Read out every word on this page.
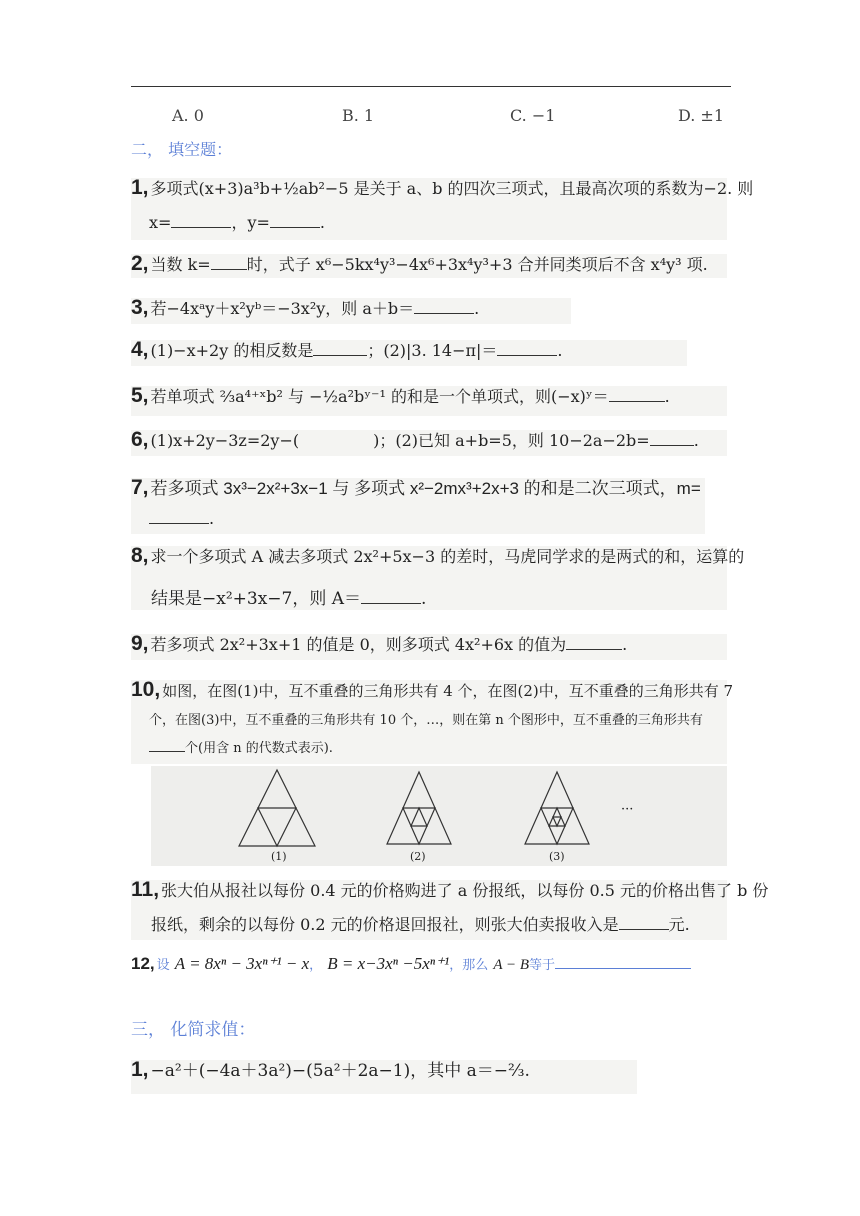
A. 0	B. 1	C. −1	D. ±1
二， 填空题：
1, 多项式(x+3)a³b+½ab²−5 是关于 a、b 的四次三项式，且最高次项的系数为−2. 则
x=	，y=	.
2, 当数 k= 时，式子 x⁶−5kx⁴y³−4x⁶+3x⁴y³+3 合并同类项后不含 x⁴y³ 项.
3, 若−4xᵃy＋x²yᵇ＝−3x²y，则 a＋b＝	.
4, (1)−x+2y 的相反数是	；(2)|3. 14−π|＝	.
5, 若单项式 ⅔a⁴⁺ˣb² 与 −½a²bʸ⁻¹ 的和是一个单项式，则(−x)ʸ＝	.
6, (1)x+2y−3z=2y−(	)；(2)已知 a+b=5，则 10−2a−2b=	.
7, 若多项式 3x³−2x²+3x−1 与 多项式 x²−2mx³+2x+3 的和是二次三项式，m=
.
8, 求一个多项式 A 减去多项式 2x²+5x−3 的差时，马虎同学求的是两式的和，运算的
结果是−x²+3x−7，则 A＝	.
9, 若多项式 2x²+3x+1 的值是 0，则多项式 4x²+6x 的值为	.
10, 如图，在图(1)中，互不重叠的三角形共有 4 个，在图(2)中，互不重叠的三角形共有 7
个，在图(3)中，互不重叠的三角形共有 10 个，…，则在第 n 个图形中，互不重叠的三角形共有
个(用含 n 的代数式表示).
(1)	(2)	(3)
···
11, 张大伯从报社以每份 0.4 元的价格购进了 a 份报纸，以每份 0.5 元的价格出售了 b 份
报纸，剩余的以每份 0.2 元的价格退回报社，则张大伯卖报收入是	元.
12, 设 A = 8xⁿ − 3xⁿ⁺¹ − x， B = x−3xⁿ −5xⁿ⁺¹，那么 A − B等于
三， 化简求值：
1, −a²＋(−4a＋3a²)−(5a²＋2a−1)，其中 a＝−⅔.
